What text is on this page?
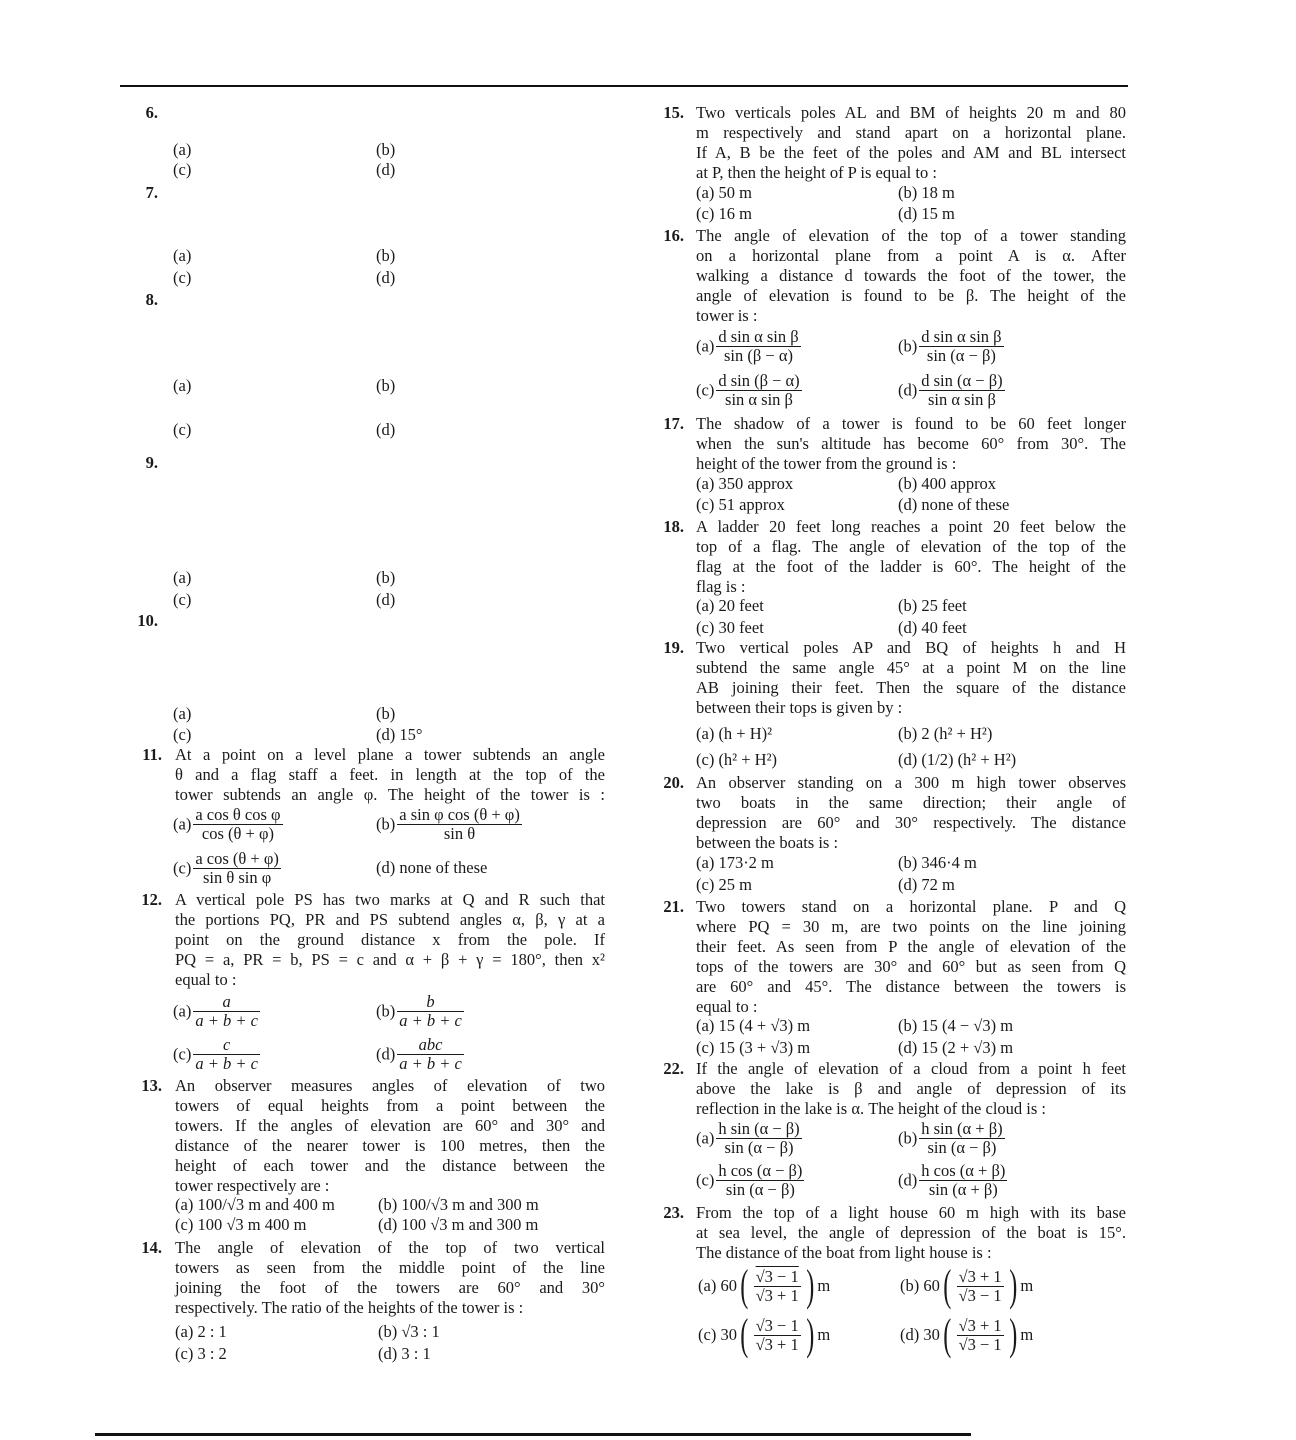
6.
(a)	(b)
(c)	(d)
7.
(a)	(b)
(c)	(d)
8.
(a)	(b)
(c)	(d)
9.
(a)	(b)
(c)	(d)
10.
(a)	(b)
(c)	(d) 15°
11. At a point on a level plane a tower subtends an angle
θ and a flag staff a feet. in length at the top of the
tower subtends an angle φ. The height of the tower is :
$(a) \frac{\text{a cos θ cos φ}}{\cos (\theta + \varphi)}$	$(b) \frac{\text{a sin φ cos (θ + φ)}}{\text{sin θ}}$
$(c) \frac{\text{a cos (θ + φ)}}{\text{sin θ sin φ}}$	(d) none of these
12. A vertical pole PS has two marks at Q and R such that
the portions PQ, PR and PS subtend angles α, β, γ at a
point on the ground distance x from the pole. If
PQ = a, PR = b, PS = c and α + β + γ = 180°, then x²
equal to :
$(a) \frac{a}{a + b + c}$	$(b) \frac{b}{a + b + c}$
$(c) \frac{c}{a + b + c}$	$(d) \frac{\text{abc}}{a + b + c}$
13. An observer measures angles of elevation of two
towers of equal heights from a point between the
towers. If the angles of elevation are 60° and 30° and
distance of the nearer tower is 100 metres, then the
height of each tower and the distance between the
tower respectively are :
(a) 100/√3 m and 400 m	(b) 100/√3 m and 300 m
(c) 100 √3 m 400 m	(d) 100 √3 m and 300 m
14. The angle of elevation of the top of two vertical
towers as seen from the middle point of the line
joining the foot of the towers are 60° and 30°
respectively. The ratio of the heights of the tower is :
(a) 2 : 1	(b) √3 : 1
(c) 3 : 2	(d) 3 : 1
15. Two verticals poles AL and BM of heights 20 m and 80
m respectively and stand apart on a horizontal plane.
If A, B be the feet of the poles and AM and BL intersect
at P, then the height of P is equal to :
(a) 50 m	(b) 18 m
(c) 16 m	(d) 15 m
16. The angle of elevation of the top of a tower standing
on a horizontal plane from a point A is α. After
walking a distance d towards the foot of the tower, the
angle of elevation is found to be β. The height of the
tower is :
$(a) \frac{\text{d sin α sin β}}{\sin (\beta - \alpha)}$	$(b) \frac{\text{d sin α sin β}}{\sin (\alpha - \beta)}$
$(c) \frac{\text{d sin (β − α)}}{\text{sin α sin β}}$	$(d) \frac{\text{d sin (α − β)}}{\text{sin α sin β}}$
17. The shadow of a tower is found to be 60 feet longer
when the sun's altitude has become 60° from 30°. The
height of the tower from the ground is :
(a) 350 approx	(b) 400 approx
(c) 51 approx	(d) none of these
18. A ladder 20 feet long reaches a point 20 feet below the
top of a flag. The angle of elevation of the top of the
flag at the foot of the ladder is 60°. The height of the
flag is :
(a) 20 feet	(b) 25 feet
(c) 30 feet	(d) 40 feet
19. Two vertical poles AP and BQ of heights h and H
subtend the same angle 45° at a point M on the line
AB joining their feet. Then the square of the distance
between their tops is given by :
(a) (h + H)²	(b) 2 (h² + H²)
(c) (h² + H²)	(d) (1/2) (h² + H²)
20. An observer standing on a 300 m high tower observes
two boats in the same direction; their angle of
depression are 60° and 30° respectively. The distance
between the boats is :
(a) 173·2 m	(b) 346·4 m
(c) 25 m	(d) 72 m
21. Two towers stand on a horizontal plane. P and Q
where PQ = 30 m, are two points on the line joining
their feet. As seen from P the angle of elevation of the
tops of the towers are 30° and 60° but as seen from Q
are 60° and 45°. The distance between the towers is
equal to :
(a) 15 (4 + √3) m	(b) 15 (4 − √3) m
(c) 15 (3 + √3) m	(d) 15 (2 + √3) m
22. If the angle of elevation of a cloud from a point h feet
above the lake is β and angle of depression of its
reflection in the lake is α. The height of the cloud is :
$(a) \frac{\text{h sin (α − β)}}{\sin (\alpha - \beta)}$	$(b) \frac{\text{h sin (α + β)}}{\sin (\alpha - \beta)}$
$(c) \frac{\text{h cos (α − β)}}{\sin (\alpha - \beta)}$	$(d) \frac{\text{h cos (α + β)}}{\sin (\alpha + \beta)}$
23. From the top of a light house 60 m high with its base
at sea level, the angle of depression of the boat is 15°.
The distance of the boat from light house is :
(a) 60 ( $\frac{√3 - 1}{√3 + 1}$ ) m	(b) 60 ( $\frac{√3 + 1}{√3 - 1}$ ) m
(c) 30 ( $\frac{√3 - 1}{√3 + 1}$ ) m	(d) 30 ( $\frac{√3 + 1}{√3 - 1}$ ) m
